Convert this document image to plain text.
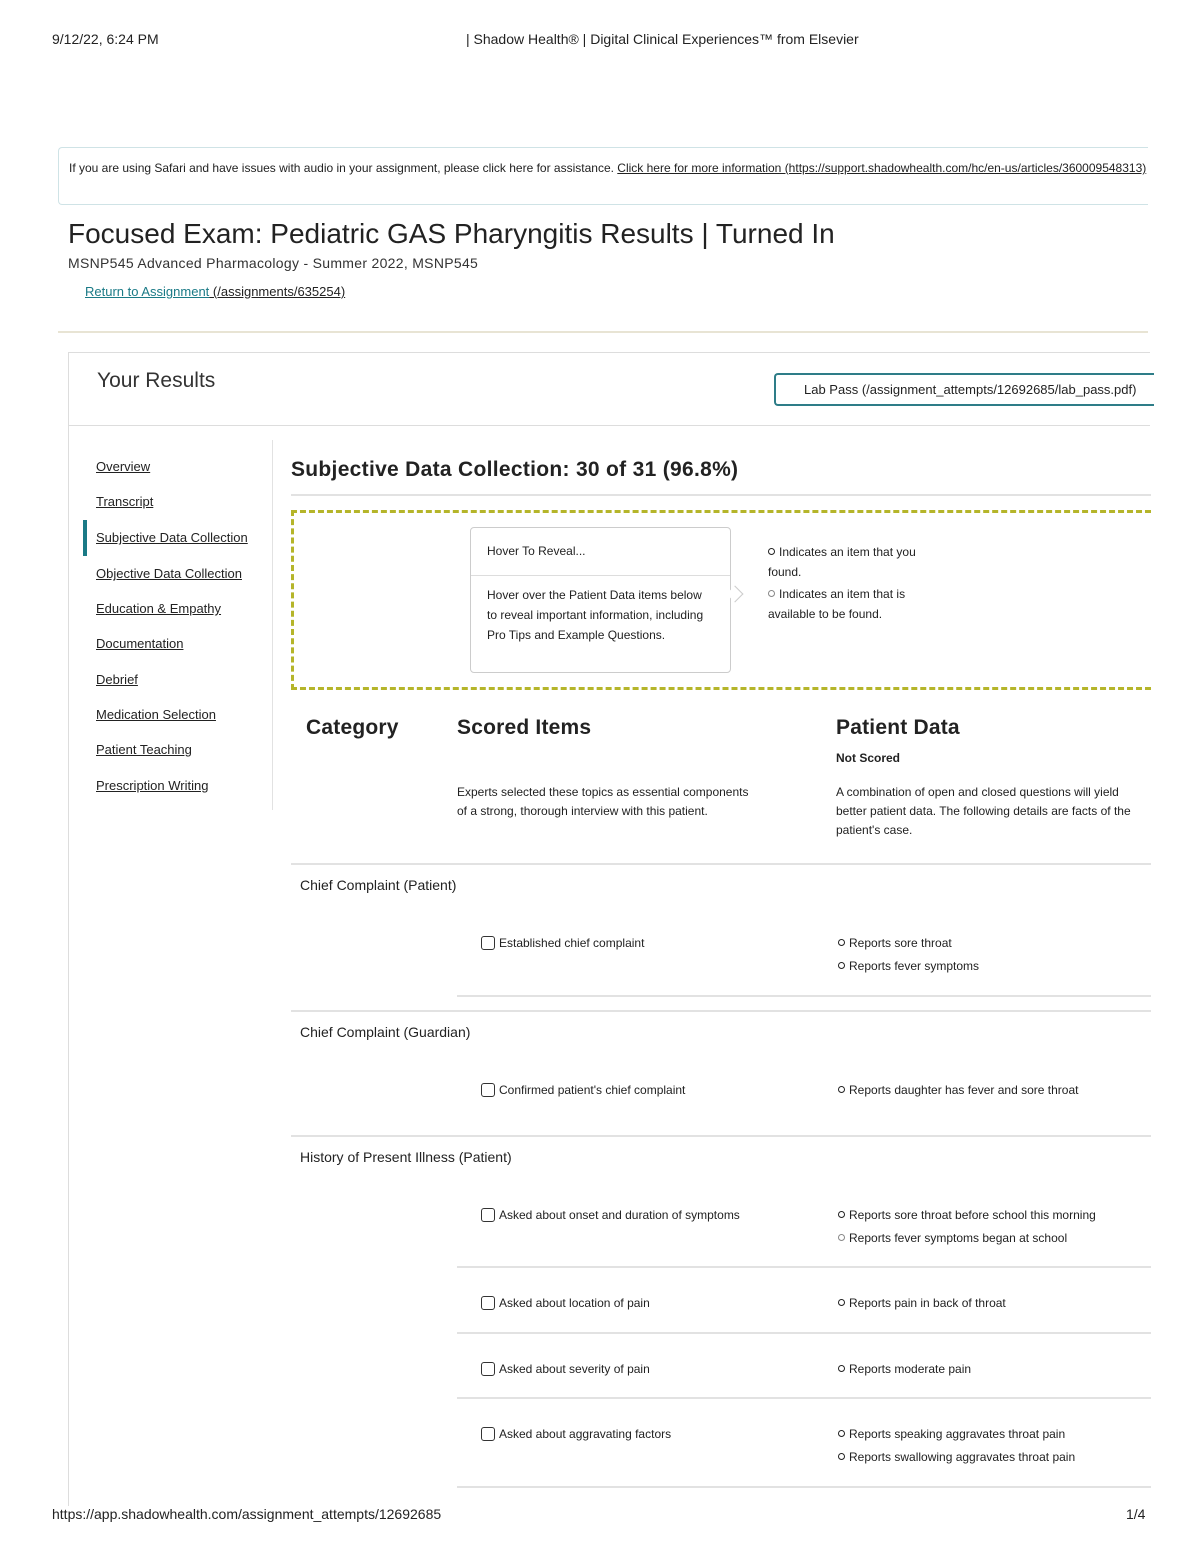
9/12/22, 6:24 PM	| Shadow Health® | Digital Clinical Experiences™ from Elsevier
If you are using Safari and have issues with audio in your assignment, please click here for assistance. Click here for more information (https://support.shadowhealth.com/hc/en-us/articles/360009548313)
Focused Exam: Pediatric GAS Pharyngitis Results | Turned In
MSNP545 Advanced Pharmacology - Summer 2022, MSNP545
Return to Assignment (/assignments/635254)
Your Results	Lab Pass (/assignment_attempts/12692685/lab_pass.pdf)
Overview
Transcript
Subjective Data Collection
Objective Data Collection
Education & Empathy
Documentation
Debrief
Medication Selection
Patient Teaching
Prescription Writing
Subjective Data Collection: 30 of 31 (96.8%)
Hover To Reveal...
Hover over the Patient Data items below to reveal important information, including Pro Tips and Example Questions.
Indicates an item that you found.
Indicates an item that is available to be found.
Category	Scored Items	Patient Data
Not Scored
Experts selected these topics as essential components
of a strong, thorough interview with this patient.
A combination of open and closed questions will yield
better patient data. The following details are facts of the
patient's case.
Chief Complaint (Patient)
Established chief complaint	Reports sore throat
Reports fever symptoms
Chief Complaint (Guardian)
Confirmed patient's chief complaint	Reports daughter has fever and sore throat
History of Present Illness (Patient)
Asked about onset and duration of symptoms	Reports sore throat before school this morning
Reports fever symptoms began at school
Asked about location of pain	Reports pain in back of throat
Asked about severity of pain	Reports moderate pain
Asked about aggravating factors	Reports speaking aggravates throat pain
Reports swallowing aggravates throat pain
https://app.shadowhealth.com/assignment_attempts/12692685	1/4
